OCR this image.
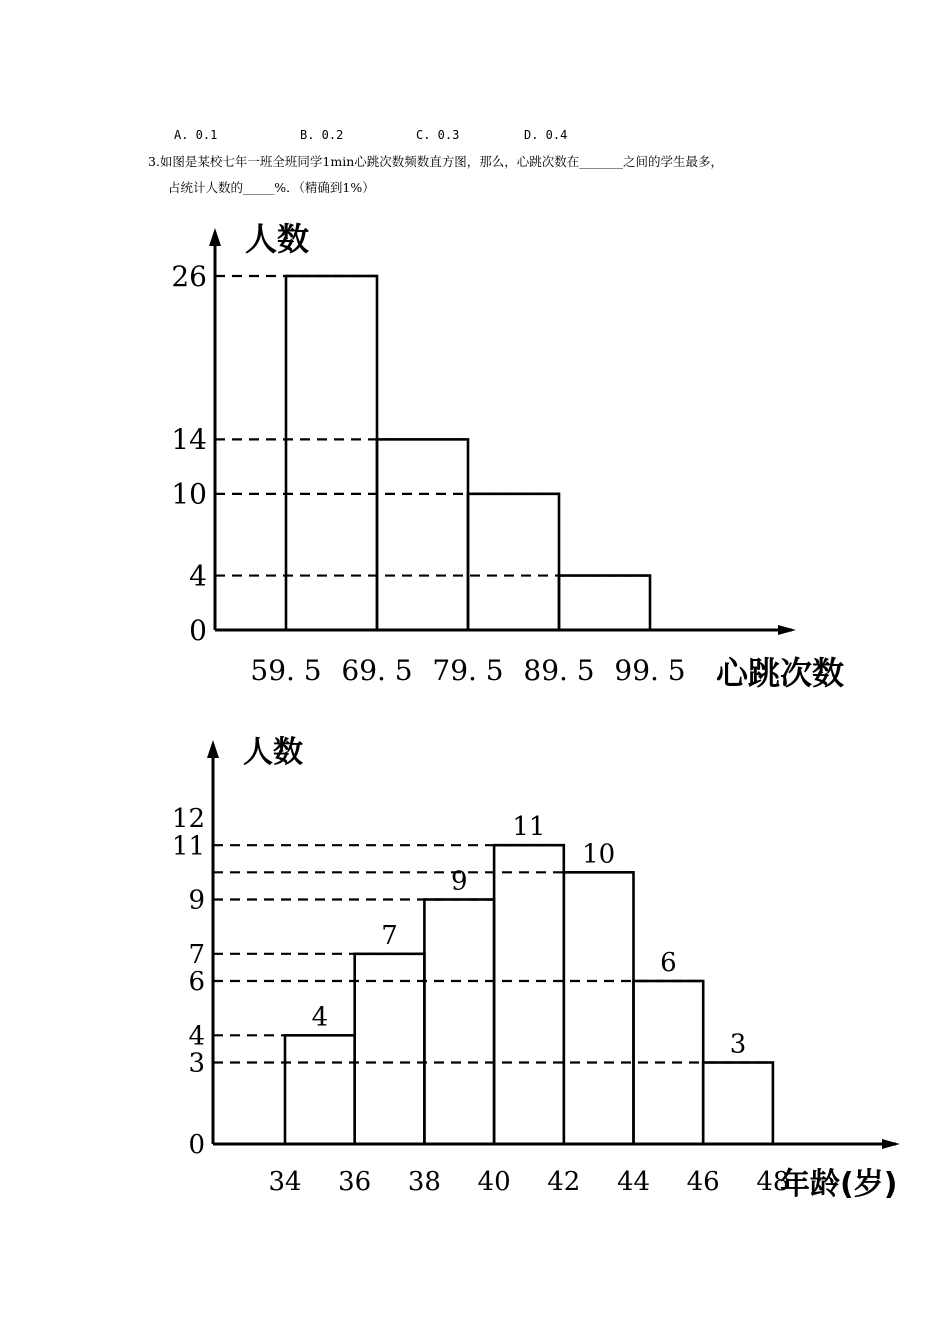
A. 0.1	B. 0.2	C. 0.3	D. 0.4
3.如图是某校七年一班全班同学1min心跳次数频数直方图，那么，心跳次数在_______之间的学生最多，
占统计人数的_____%．（精确到1%）
0
4
10
14
26
59. 5 69. 5 79. 5 89. 5 99. 5
人数
心跳次数
4
7
9
11
10
6
3
0
3
4
6
7
9
11
12
34 36 38 40 42 44 46 48
人数
年龄(岁)
